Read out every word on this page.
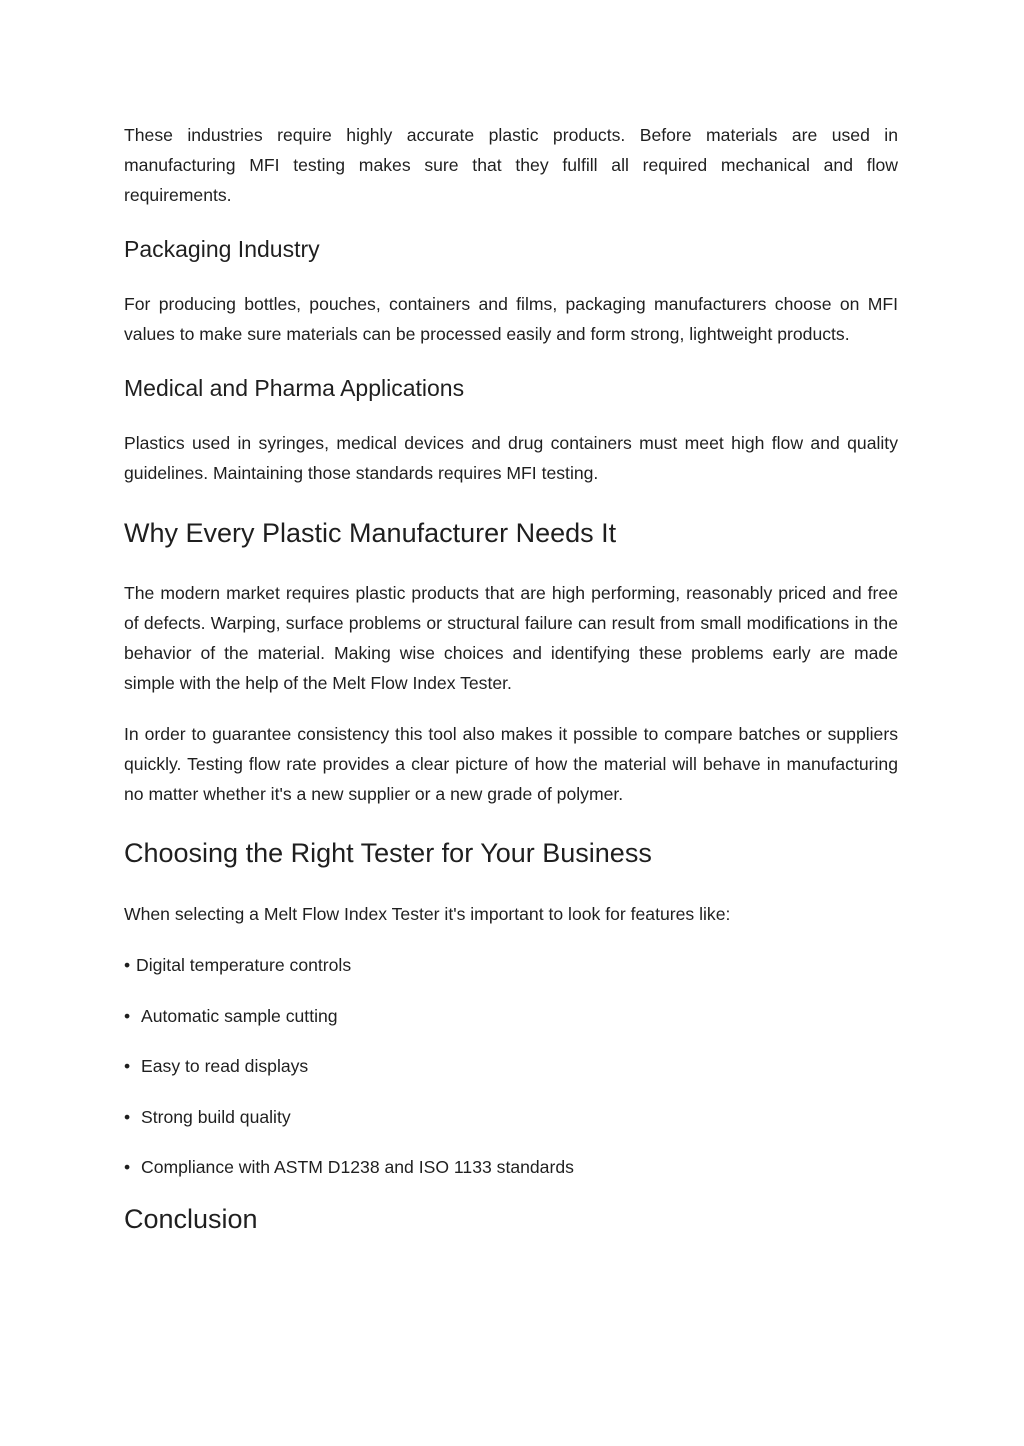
These industries require highly accurate plastic products. Before materials are used in manufacturing MFI testing makes sure that they fulfill all required mechanical and flow requirements.

Packaging Industry

For producing bottles, pouches, containers and films, packaging manufacturers choose on MFI values to make sure materials can be processed easily and form strong, lightweight products.

Medical and Pharma Applications

Plastics used in syringes, medical devices and drug containers must meet high flow and quality guidelines. Maintaining those standards requires MFI testing.

Why Every Plastic Manufacturer Needs It

The modern market requires plastic products that are high performing, reasonably priced and free of defects. Warping, surface problems or structural failure can result from small modifications in the behavior of the material. Making wise choices and identifying these problems early are made simple with the help of the Melt Flow Index Tester.

In order to guarantee consistency this tool also makes it possible to compare batches or suppliers quickly. Testing flow rate provides a clear picture of how the material will behave in manufacturing no matter whether it's a new supplier or a new grade of polymer.

Choosing the Right Tester for Your Business

When selecting a Melt Flow Index Tester it's important to look for features like:

• Digital temperature controls
• Automatic sample cutting
• Easy to read displays
• Strong build quality
• Compliance with ASTM D1238 and ISO 1133 standards
Conclusion
